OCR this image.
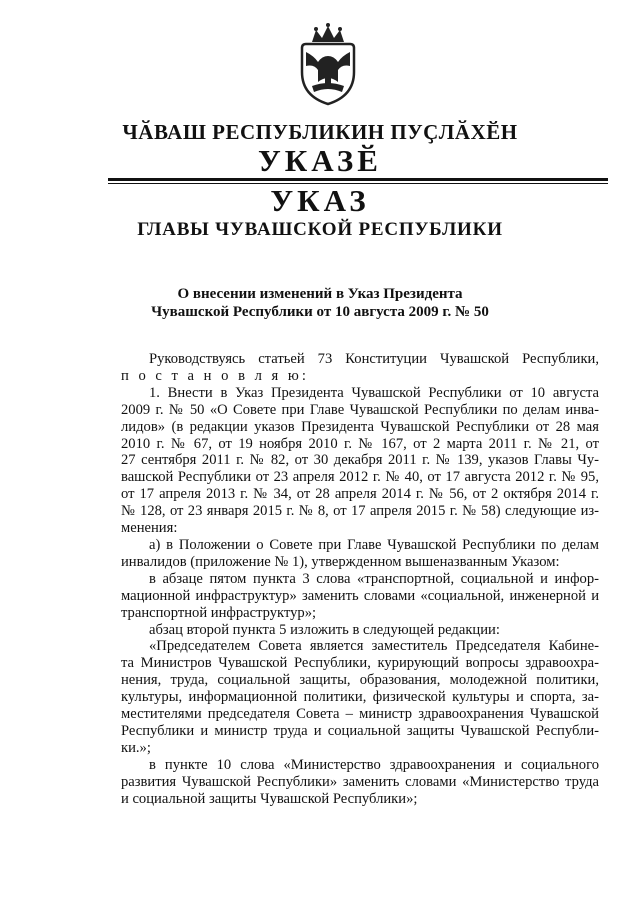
ЧӐВАШ РЕСПУБЛИКИН ПУҪЛӐХӖН
УКАЗӖ
УКАЗ
ГЛАВЫ ЧУВАШСКОЙ РЕСПУБЛИКИ
О внесении изменений в Указ Президента
Чувашской Республики от 10 августа 2009 г. № 50
Руководствуясь статьей 73 Конституции Чувашской Республики,
п о с т а н о в л я ю:
1. Внести в Указ Президента Чувашской Республики от 10 августа
2009 г. № 50 «О Совете при Главе Чувашской Республики по делам инва-
лидов» (в редакции указов Президента Чувашской Республики от 28 мая
2010 г. № 67, от 19 ноября 2010 г. № 167, от 2 марта 2011 г. № 21, от
27 сентября 2011 г. № 82, от 30 декабря 2011 г. № 139, указов Главы Чу-
вашской Республики от 23 апреля 2012 г. № 40, от 17 августа 2012 г. № 95,
от 17 апреля 2013 г. № 34, от 28 апреля 2014 г. № 56, от 2 октября 2014 г.
№ 128, от 23 января 2015 г. № 8, от 17 апреля 2015 г. № 58) следующие из-
менения:
а) в Положении о Совете при Главе Чувашской Республики по делам
инвалидов (приложение № 1), утвержденном вышеназванным Указом:
в абзаце пятом пункта 3 слова «транспортной, социальной и инфор-
мационной инфраструктур» заменить словами «социальной, инженерной и
транспортной инфраструктур»;
абзац второй пункта 5 изложить в следующей редакции:
«Председателем Совета является заместитель Председателя Кабине-
та Министров Чувашской Республики, курирующий вопросы здравоохра-
нения, труда, социальной защиты, образования, молодежной политики,
культуры, информационной политики, физической культуры и спорта, за-
местителями председателя Совета – министр здравоохранения Чувашской
Республики и министр труда и социальной защиты Чувашской Республи-
ки.»;
в пункте 10 слова «Министерство здравоохранения и социального
развития Чувашской Республики» заменить словами «Министерство труда
и социальной защиты Чувашской Республики»;
